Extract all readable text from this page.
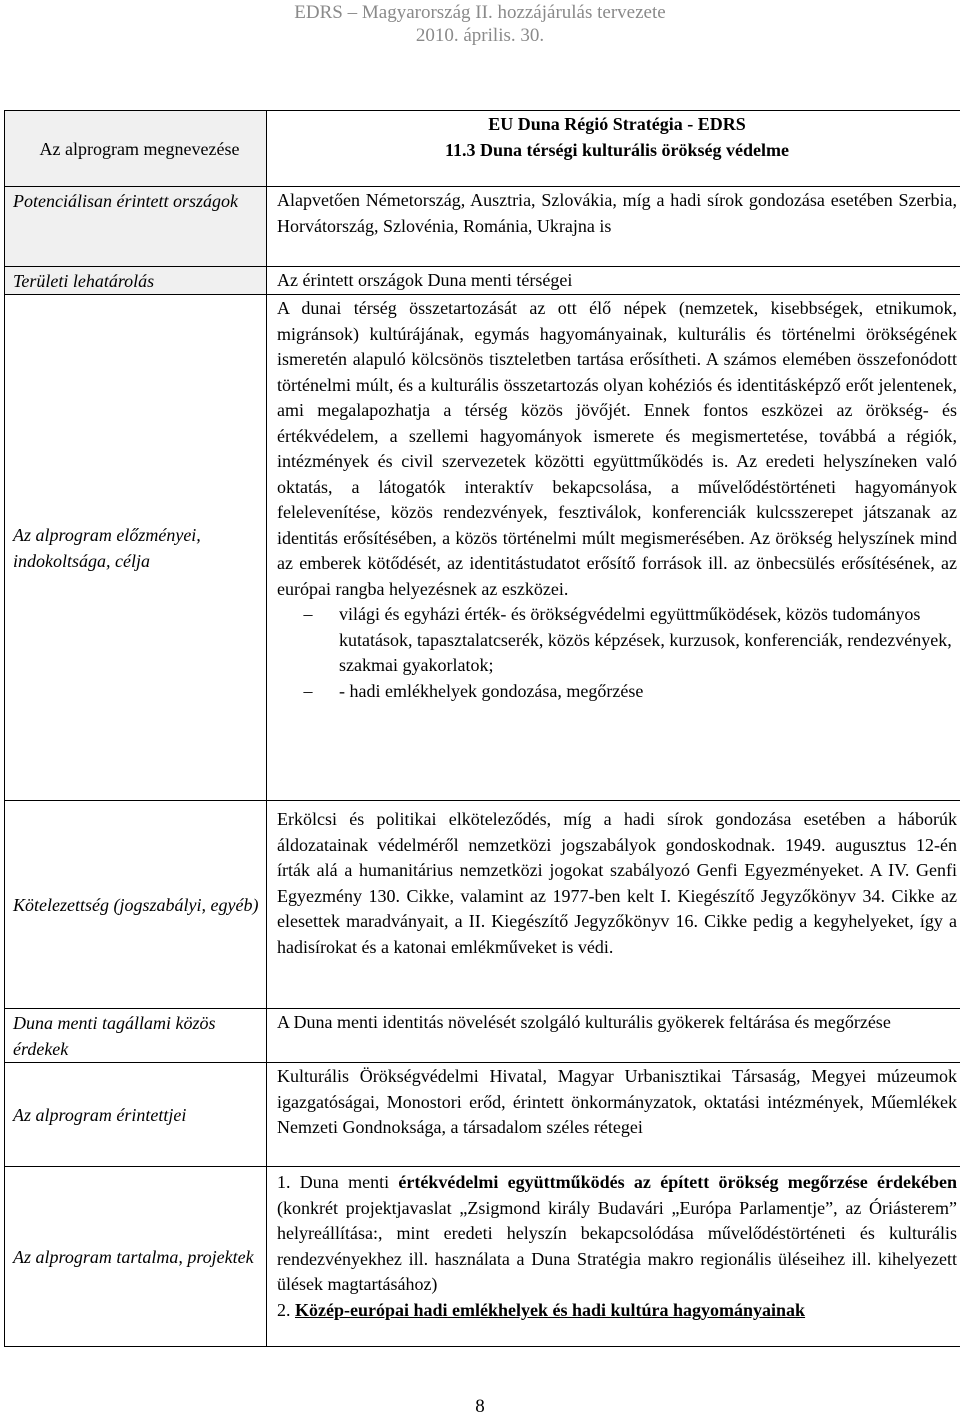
EDRS – Magyarország II. hozzájárulás tervezete
2010. április. 30.
Az alprogram megnevezése	EU Duna Régió Stratégia - EDRS
11.3 Duna térségi kulturális örökség védelme

Potenciálisan érintett országok	Alapvetően Németország, Ausztria, Szlovákia, míg a hadi sírok gondozása esetében Szerbia, Horvátország, Szlovénia, Románia, Ukrajna is

Területi lehatárolás	Az érintett országok Duna menti térségei

Az alprogram előzményei, indokoltsága, célja	A dunai térség összetartozását az ott élő népek (nemzetek, kisebbségek, etnikumok, migránsok) kultúrájának, egymás hagyományainak, kulturális és történelmi örökségének ismeretén alapuló kölcsönös tiszteletben tartása erősítheti. A számos elemében összefonódott történelmi múlt, és a kulturális összetartozás olyan kohéziós és identitásképző erőt jelentenek, ami megalapozhatja a térség közös jövőjét. Ennek fontos eszközei az örökség- és értékvédelem, a szellemi hagyományok ismerete és megismertetése, továbbá a régiók, intézmények és civil szervezetek közötti együttműködés is. Az eredeti helyszíneken való oktatás, a látogatók interaktív bekapcsolása, a művelődéstörténeti hagyományok felelevenítése, közös rendezvények, fesztiválok, konferenciák kulcsszerepet játszanak az identitás erősítésében, a közös történelmi múlt megismerésében. Az örökség helyszínek mind az emberek kötődését, az identitástudatot erősítő források ill. az önbecsülés erősítésének, az európai rangba helyezésnek az eszközei.
– világi és egyházi érték- és örökségvédelmi együttműködések, közös tudományos kutatások, tapasztalatcserék, közös képzések, kurzusok, konferenciák, rendezvények, szakmai gyakorlatok;
– - hadi emlékhelyek gondozása, megőrzése

Kötelezettség (jogszabályi, egyéb)	Erkölcsi és politikai elköteleződés, míg a hadi sírok gondozása esetében a háborúk áldozatainak védelméről nemzetközi jogszabályok gondoskodnak. 1949. augusztus 12-én írták alá a humanitárius nemzetközi jogokat szabályozó Genfi Egyezményeket. A IV. Genfi Egyezmény 130. Cikke, valamint az 1977-ben kelt I. Kiegészítő Jegyzőkönyv 34. Cikke az elesettek maradványait, a II. Kiegészítő Jegyzőkönyv 16. Cikke pedig a kegyhelyeket, így a hadisírokat és a katonai emlékműveket is védi.

Duna menti tagállami közös érdekek	A Duna menti identitás növelését szolgáló kulturális gyökerek feltárása és megőrzése

Az alprogram érintettjei	Kulturális Örökségvédelmi Hivatal, Magyar Urbanisztikai Társaság, Megyei múzeumok igazgatóságai, Monostori erőd, érintett önkormányzatok, oktatási intézmények, Műemlékek Nemzeti Gondnoksága, a társadalom széles rétegei

Az alprogram tartalma, projektek	1. Duna menti értékvédelmi együttműködés az épített örökség megőrzése érdekében (konkrét projektjavaslat „Zsigmond király Budavári „Európa Parlamentje”, az Óriásterem” helyreállítása:, mint eredeti helyszín bekapcsolódása művelődéstörténeti és kulturális rendezvényekhez ill. használata a Duna Stratégia makro regionális üléseihez ill. kihelyezett ülések magtartásához)
2. Közép-európai hadi emlékhelyek és hadi kultúra hagyományainak
8
